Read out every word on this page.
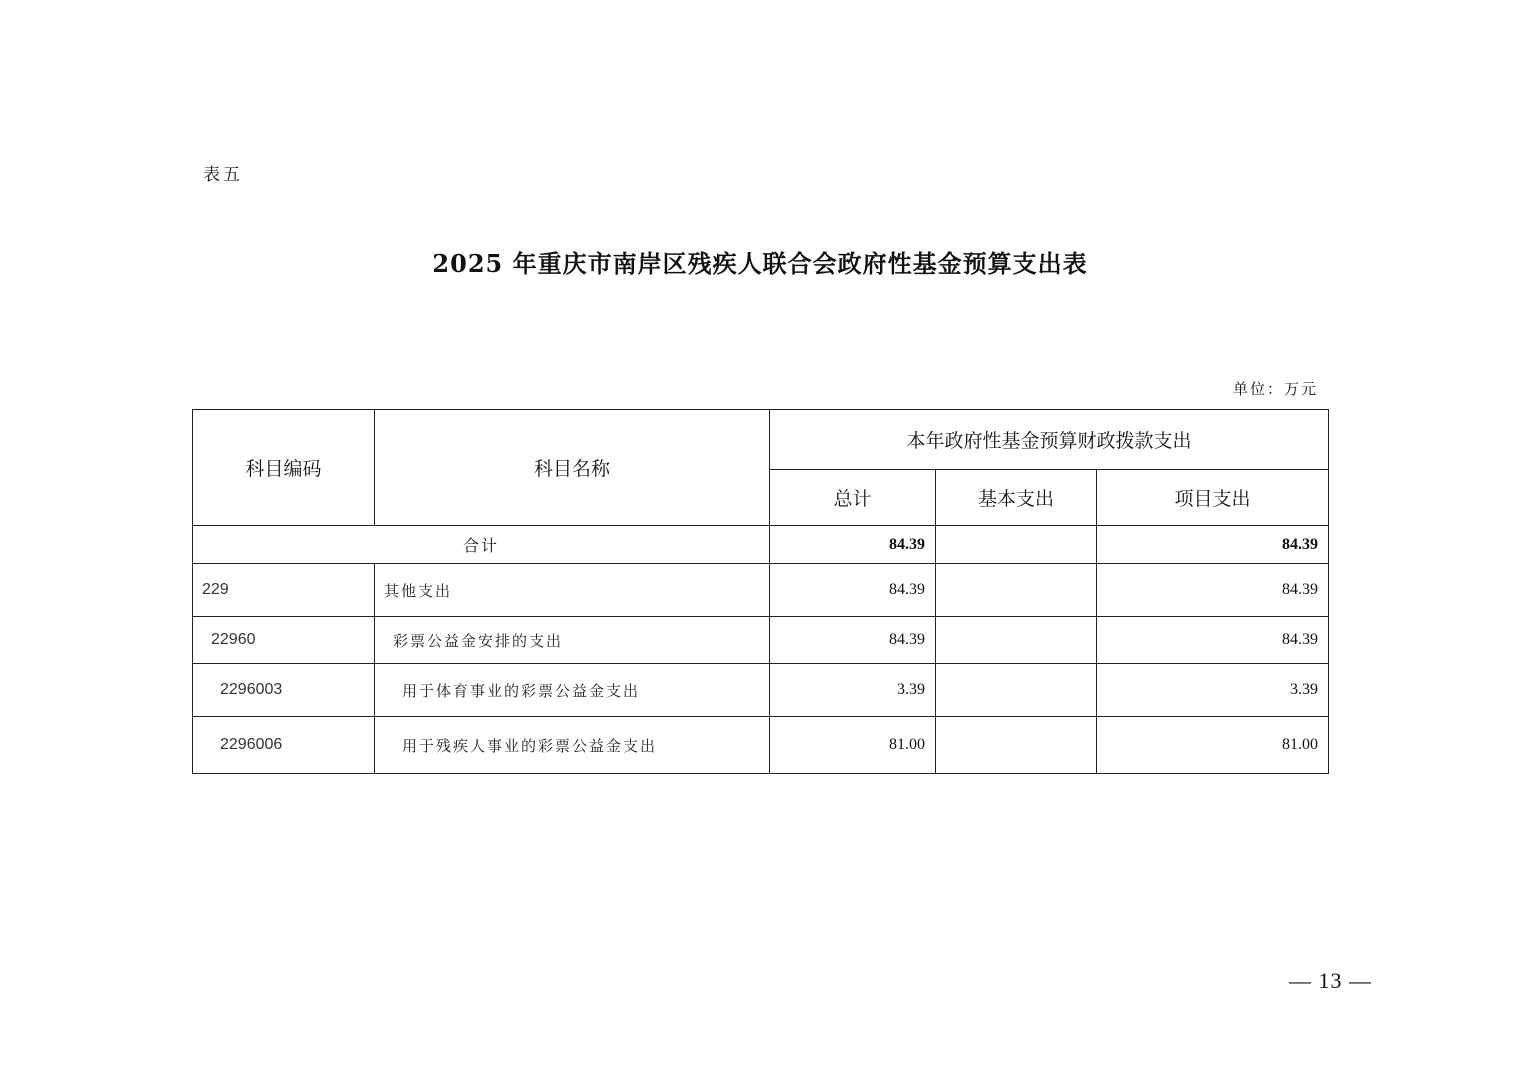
表五
2025 年重庆市南岸区残疾人联合会政府性基金预算支出表
单位：万元
科目编码	科目名称	本年政府性基金预算财政拨款支出		
		总计	基本支出	项目支出
合计		84.39		84.39
229	其他支出	84.39		84.39
22960	彩票公益金安排的支出	84.39		84.39
2296003	用于体育事业的彩票公益金支出	3.39		3.39
2296006	用于残疾人事业的彩票公益金支出	81.00		81.00
— 13 —
